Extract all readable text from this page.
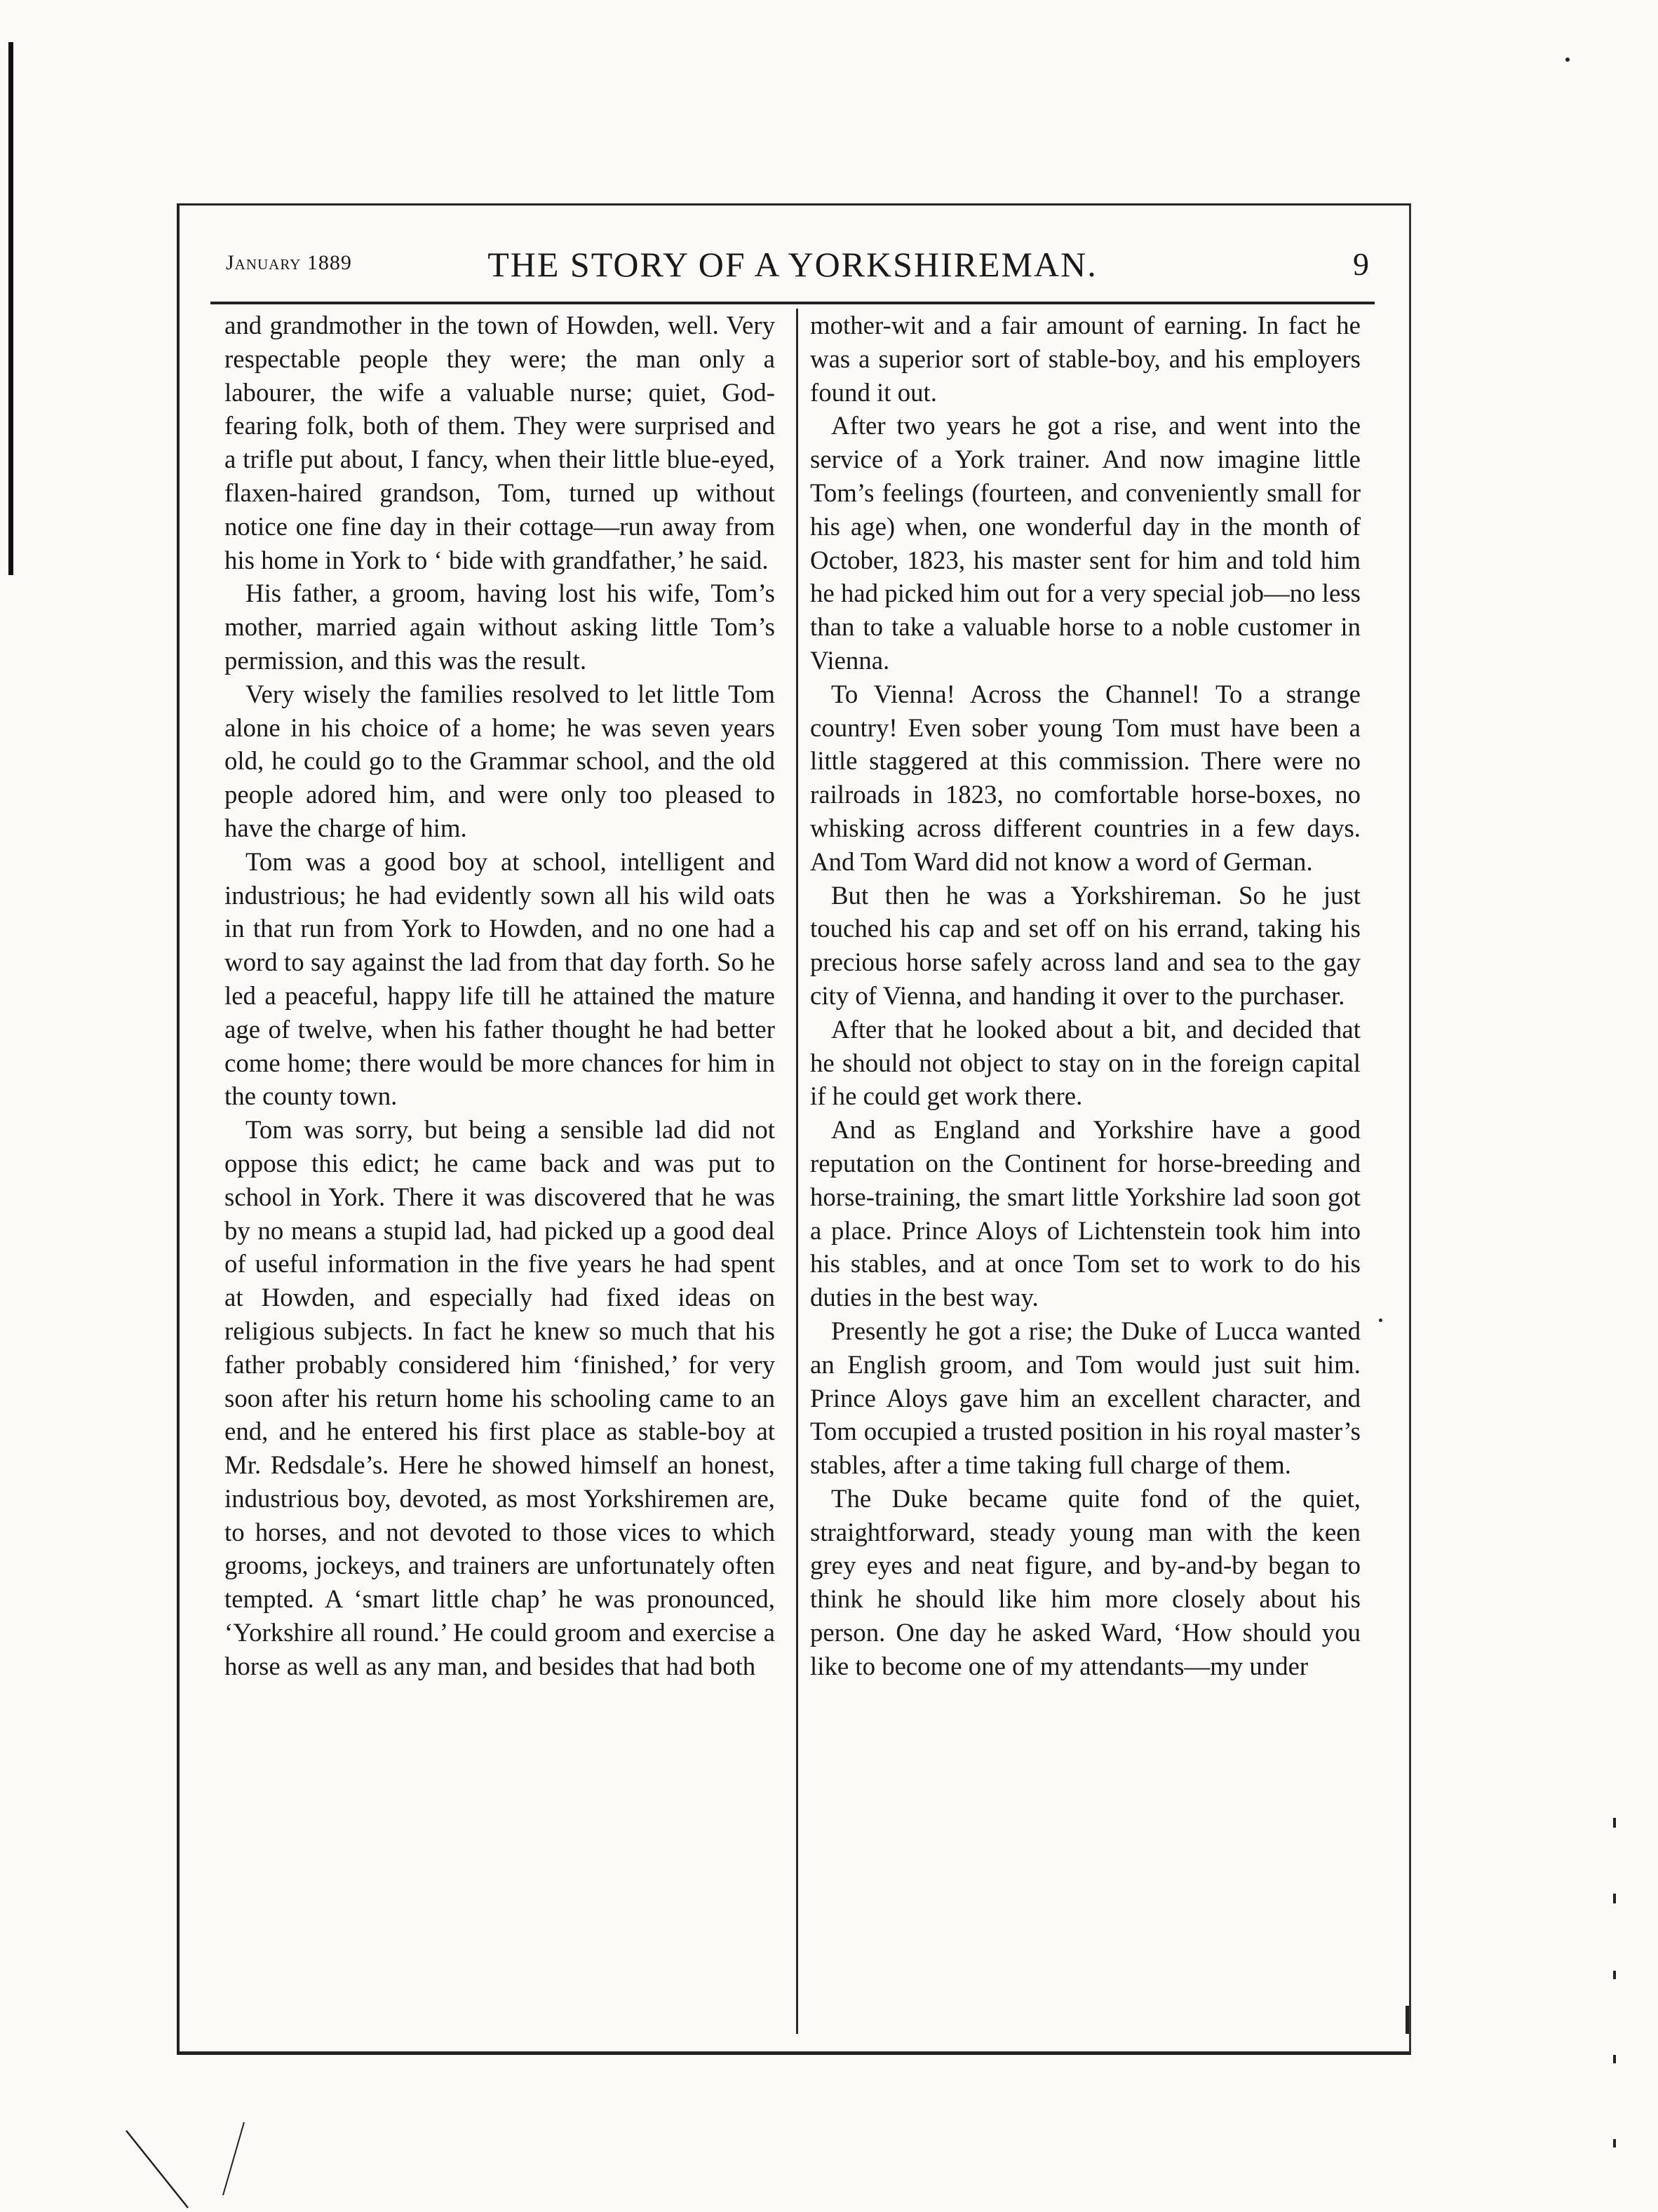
January 1889	THE STORY OF A YORKSHIREMAN.	9

and grandmother in the town of Howden, well. Very respectable people they were; the man only a labourer, the wife a valuable nurse; quiet, God-fearing folk, both of them. They were surprised and a trifle put about, I fancy, when their little blue-eyed, flaxen-haired grandson, Tom, turned up without notice one fine day in their cottage—run away from his home in York to ‘ bide with grandfather,’ he said.

His father, a groom, having lost his wife, Tom’s mother, married again without asking little Tom’s permission, and this was the result.

Very wisely the families resolved to let little Tom alone in his choice of a home; he was seven years old, he could go to the Grammar school, and the old people adored him, and were only too pleased to have the charge of him.

Tom was a good boy at school, intelligent and industrious; he had evidently sown all his wild oats in that run from York to Howden, and no one had a word to say against the lad from that day forth. So he led a peaceful, happy life till he attained the mature age of twelve, when his father thought he had better come home; there would be more chances for him in the county town.

Tom was sorry, but being a sensible lad did not oppose this edict; he came back and was put to school in York. There it was discovered that he was by no means a stupid lad, had picked up a good deal of useful information in the five years he had spent at Howden, and especially had fixed ideas on religious subjects. In fact he knew so much that his father probably considered him ‘finished,’ for very soon after his return home his schooling came to an end, and he entered his first place as stable-boy at Mr. Redsdale’s. Here he showed himself an honest, industrious boy, devoted, as most Yorkshiremen are, to horses, and not devoted to those vices to which grooms, jockeys, and trainers are unfortunately often tempted. A ‘smart little chap’ he was pronounced, ‘Yorkshire all round.’ He could groom and exercise a horse as well as any man, and besides that had both

mother-wit and a fair amount of earning. In fact he was a superior sort of stable-boy, and his employers found it out.

After two years he got a rise, and went into the service of a York trainer. And now imagine little Tom’s feelings (fourteen, and conveniently small for his age) when, one wonderful day in the month of October, 1823, his master sent for him and told him he had picked him out for a very special job—no less than to take a valuable horse to a noble customer in Vienna.

To Vienna! Across the Channel! To a strange country! Even sober young Tom must have been a little staggered at this commission. There were no railroads in 1823, no comfortable horse-boxes, no whisking across different countries in a few days. And Tom Ward did not know a word of German.

But then he was a Yorkshireman. So he just touched his cap and set off on his errand, taking his precious horse safely across land and sea to the gay city of Vienna, and handing it over to the purchaser.

After that he looked about a bit, and decided that he should not object to stay on in the foreign capital if he could get work there.

And as England and Yorkshire have a good reputation on the Continent for horse-breeding and horse-training, the smart little Yorkshire lad soon got a place. Prince Aloys of Lichtenstein took him into his stables, and at once Tom set to work to do his duties in the best way.

Presently he got a rise; the Duke of Lucca wanted an English groom, and Tom would just suit him. Prince Aloys gave him an excellent character, and Tom occupied a trusted position in his royal master’s stables, after a time taking full charge of them.

The Duke became quite fond of the quiet, straightforward, steady young man with the keen grey eyes and neat figure, and by-and-by began to think he should like him more closely about his person. One day he asked Ward, ‘How should you like to become one of my attendants—my under
